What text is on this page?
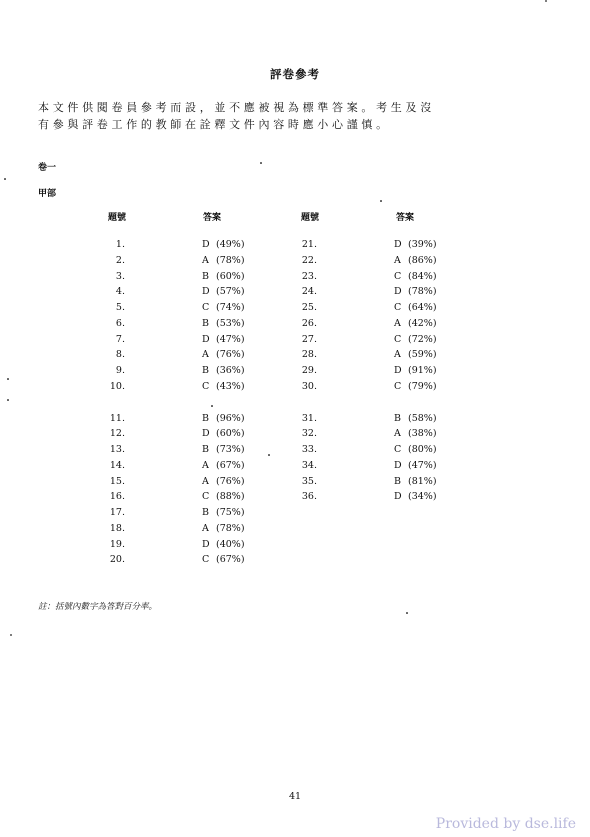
評卷參考
本文件供閱卷員參考而設，並不應被視為標準答案。考生及沒
有參與評卷工作的教師在詮釋文件內容時應小心謹慎。
卷一
甲部
題號	答案	題號	答案
1.	D (49%)
2.	A (78%)
3.	B (60%)
4.	D (57%)
5.	C (74%)
6.	B (53%)
7.	D (47%)
8.	A (76%)
9.	B (36%)
10.	C (43%)
11.	B (96%)
12.	D (60%)
13.	B (73%)
14.	A (67%)
15.	A (76%)
16.	C (88%)
17.	B (75%)
18.	A (78%)
19.	D (40%)
20.	C (67%)
21.	D (39%)
22.	A (86%)
23.	C (84%)
24.	D (78%)
25.	C (64%)
26.	A (42%)
27.	C (72%)
28.	A (59%)
29.	D (91%)
30.	C (79%)
31.	B (58%)
32.	A (38%)
33.	C (80%)
34.	D (47%)
35.	B (81%)
36.	D (34%)
註：括號內數字為答對百分率。
41
Provided by dse.life
